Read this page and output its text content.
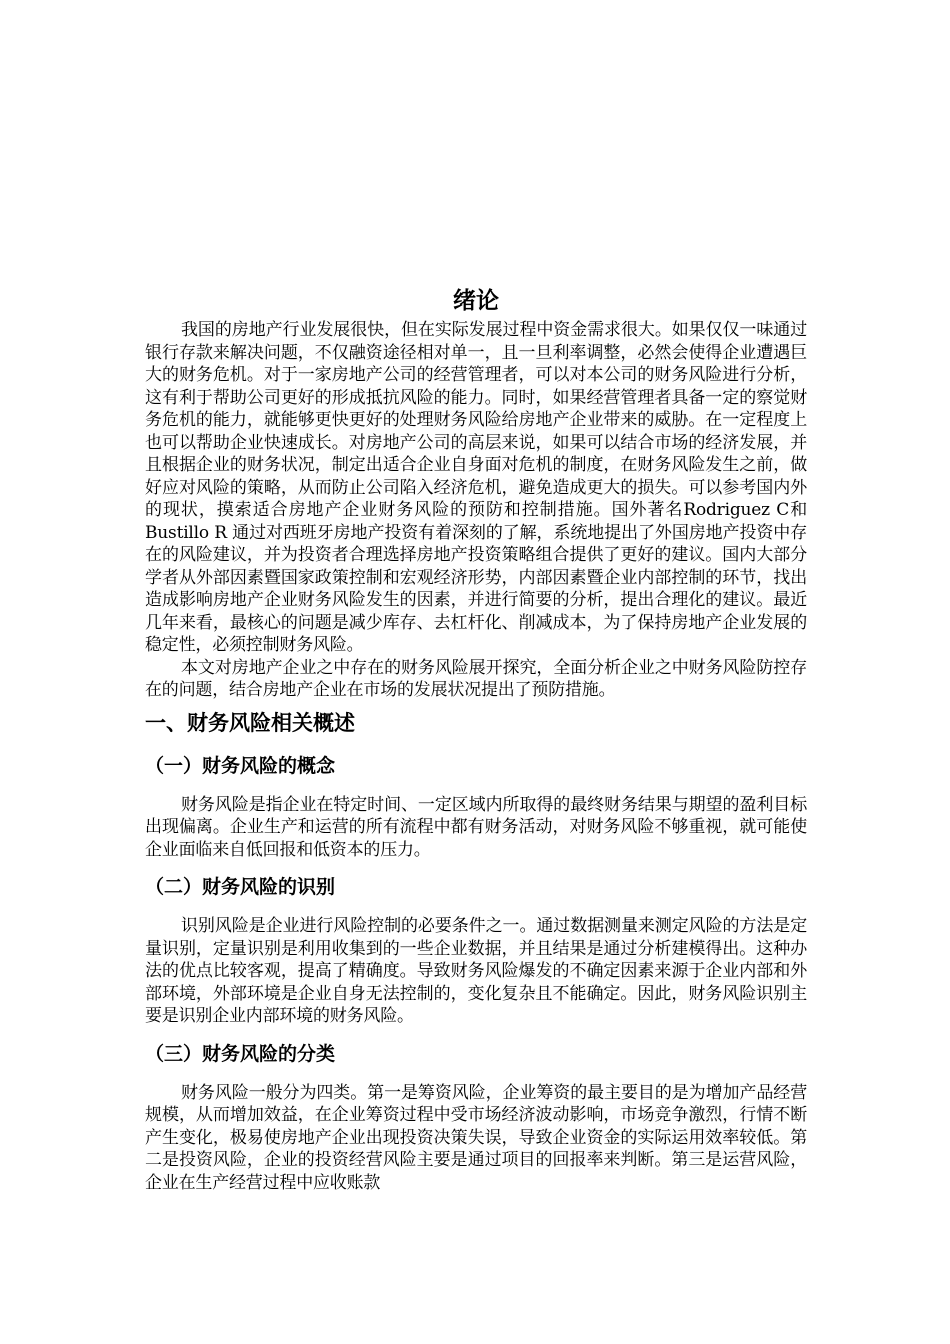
绪论

我国的房地产行业发展很快，但在实际发展过程中资金需求很大。如果仅仅一味通过银行存款来解决问题，不仅融资途径相对单一，且一旦利率调整，必然会使得企业遭遇巨大的财务危机。对于一家房地产公司的经营管理者，可以对本公司的财务风险进行分析，这有利于帮助公司更好的形成抵抗风险的能力。同时，如果经营管理者具备一定的察觉财务危机的能力，就能够更快更好的处理财务风险给房地产企业带来的威胁。在一定程度上也可以帮助企业快速成长。对房地产公司的高层来说，如果可以结合市场的经济发展，并且根据企业的财务状况，制定出适合企业自身面对危机的制度，在财务风险发生之前，做好应对风险的策略，从而防止公司陷入经济危机，避免造成更大的损失。可以参考国内外的现状，摸索适合房地产企业财务风险的预防和控制措施。国外著名Rodriguez C和Bustillo R 通过对西班牙房地产投资有着深刻的了解，系统地提出了外国房地产投资中存在的风险建议，并为投资者合理选择房地产投资策略组合提供了更好的建议。国内大部分学者从外部因素暨国家政策控制和宏观经济形势，内部因素暨企业内部控制的环节，找出造成影响房地产企业财务风险发生的因素，并进行简要的分析，提出合理化的建议。最近几年来看，最核心的问题是减少库存、去杠杆化、削减成本，为了保持房地产企业发展的稳定性，必须控制财务风险。

本文对房地产企业之中存在的财务风险展开探究，全面分析企业之中财务风险防控存在的问题，结合房地产企业在市场的发展状况提出了预防措施。

一、财务风险相关概述
（一）财务风险的概念

财务风险是指企业在特定时间、一定区域内所取得的最终财务结果与期望的盈利目标出现偏离。企业生产和运营的所有流程中都有财务活动，对财务风险不够重视，就可能使企业面临来自低回报和低资本的压力。

（二）财务风险的识别

识别风险是企业进行风险控制的必要条件之一。通过数据测量来测定风险的方法是定量识别，定量识别是利用收集到的一些企业数据，并且结果是通过分析建模得出。这种办法的优点比较客观，提高了精确度。导致财务风险爆发的不确定因素来源于企业内部和外部环境，外部环境是企业自身无法控制的，变化复杂且不能确定。因此，财务风险识别主要是识别企业内部环境的财务风险。

（三）财务风险的分类

财务风险一般分为四类。第一是筹资风险，企业筹资的最主要目的是为增加产品经营规模，从而增加效益，在企业筹资过程中受市场经济波动影响，市场竞争激烈，行情不断产生变化，极易使房地产企业出现投资决策失误，导致企业资金的实际运用效率较低。第二是投资风险，企业的投资经营风险主要是通过项目的回报率来判断。第三是运营风险，企业在生产经营过程中应收账款
